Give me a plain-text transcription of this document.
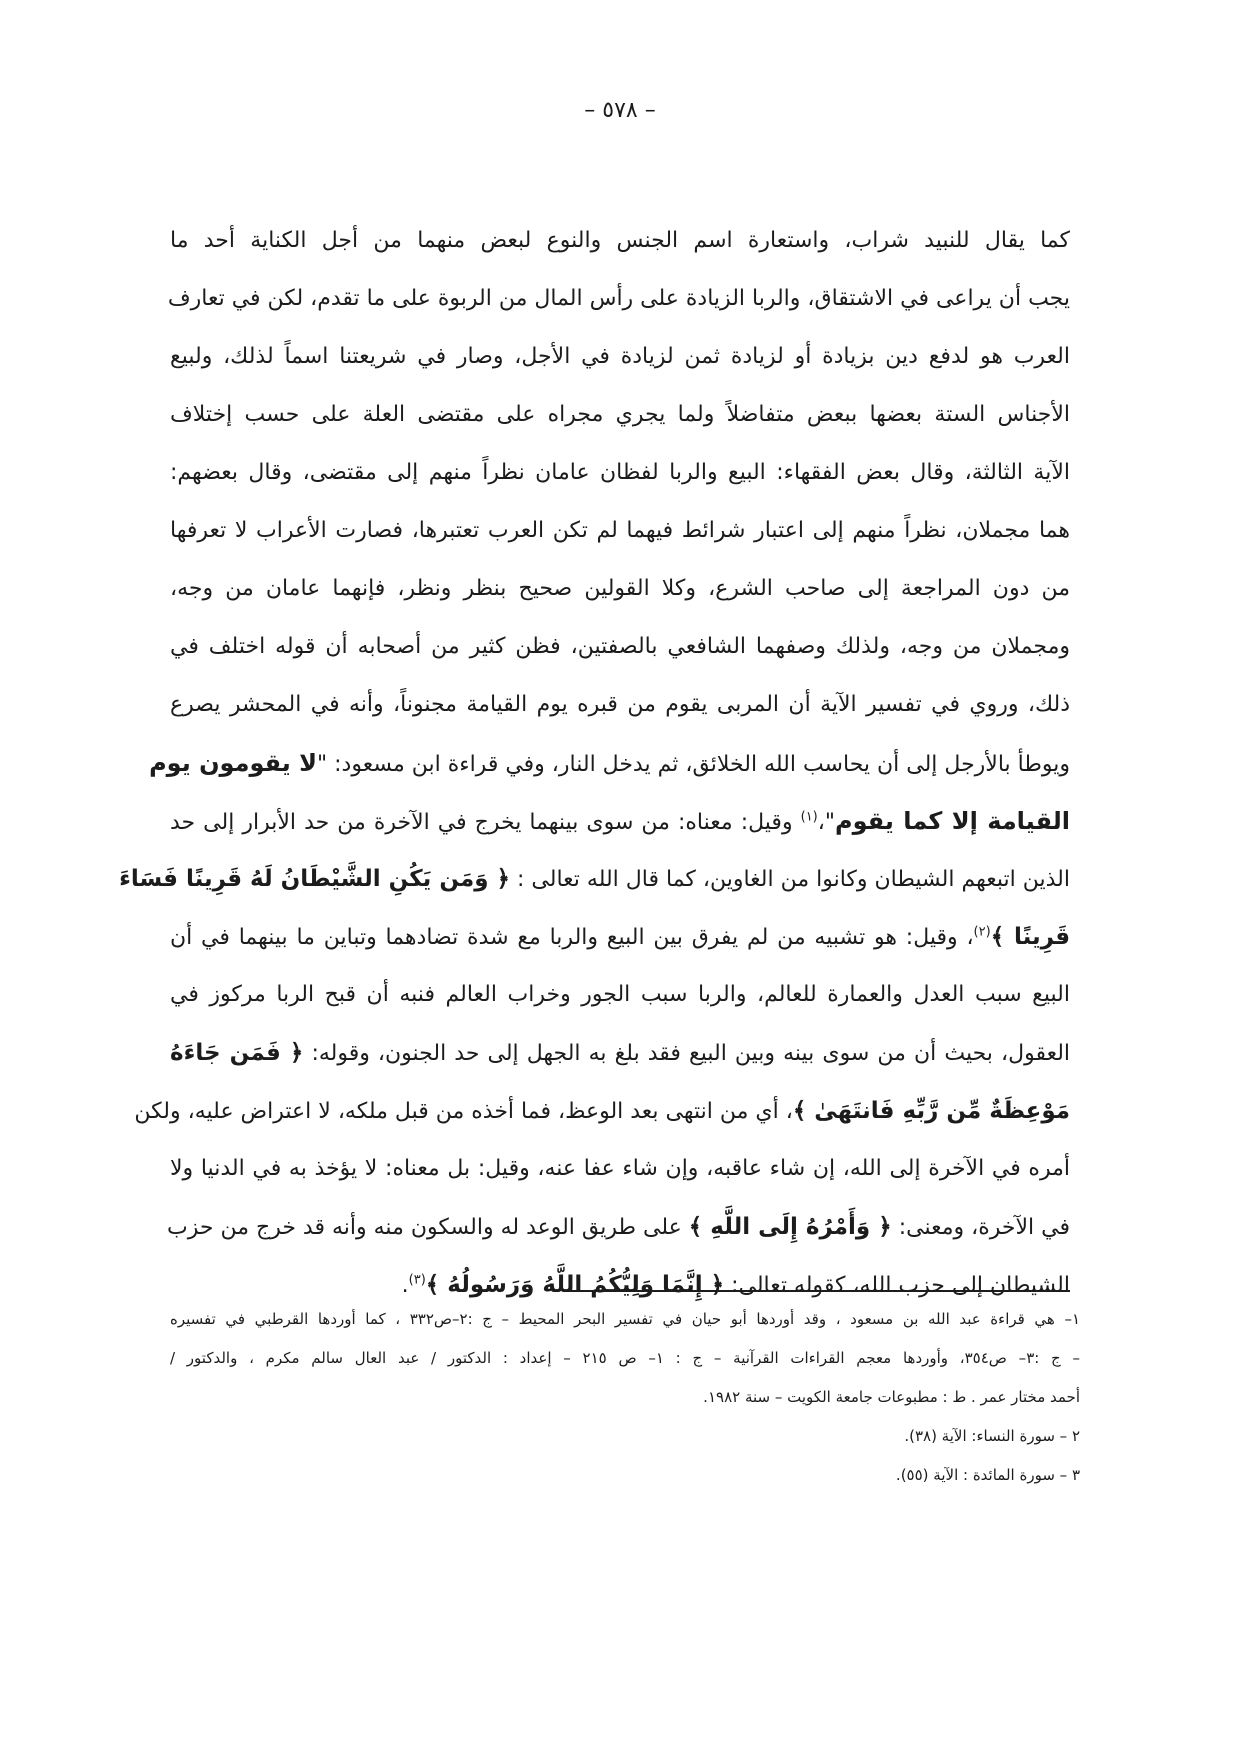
– ٥٧٨ –
كما يقال للنبيد شراب، واستعارة اسم الجنس والنوع لبعض منهما من أجل الكناية أحد ما
يجب أن يراعى في الاشتقاق، والربا الزيادة على رأس المال من الربوة على ما تقدم، لكن في تعارف
العرب هو لدفع دين بزيادة أو لزيادة ثمن لزيادة في الأجل، وصار في شريعتنا اسماً لذلك، ولبيع
الأجناس الستة بعضها ببعض متفاضلاً ولما يجري مجراه على مقتضى العلة على حسب إختلاف
الآية الثالثة، وقال بعض الفقهاء: البيع والربا لفظان عامان نظراً منهم إلى مقتضى، وقال بعضهم:
هما مجملان، نظراً منهم إلى اعتبار شرائط فيهما لم تكن العرب تعتبرها، فصارت الأعراب لا تعرفها
من دون المراجعة إلى صاحب الشرع، وكلا القولين صحيح بنظر ونظر، فإنهما عامان من وجه،
ومجملان من وجه، ولذلك وصفهما الشافعي بالصفتين، فظن كثير من أصحابه أن قوله اختلف في
ذلك، وروي في تفسير الآية أن المربى يقوم من قبره يوم القيامة مجنوناً، وأنه في المحشر يصرع
ويوطأ بالأرجل إلى أن يحاسب الله الخلائق، ثم يدخل النار، وفي قراءة ابن مسعود: "لا يقومون يوم
القيامة إلا كما يقوم"،$^{(١)}$ وقيل: معناه: من سوى بينهما يخرج في الآخرة من حد الأبرار إلى حد
الذين اتبعهم الشيطان وكانوا من الغاوين، كما قال الله تعالى : ﴿ وَمَن يَكُنِ الشَّيْطَانُ لَهُ قَرِينًا فَسَاءَ
قَرِينًا ﴾$^{(٢)}$، وقيل: هو تشبيه من لم يفرق بين البيع والربا مع شدة تضادهما وتباين ما بينهما في أن
البيع سبب العدل والعمارة للعالم، والربا سبب الجور وخراب العالم فنبه أن قبح الربا مركوز في
العقول، بحيث أن من سوى بينه وبين البيع فقد بلغ به الجهل إلى حد الجنون، وقوله: ﴿ فَمَن جَاءَهُ
مَوْعِظَةٌ مِّن رَّبِّهِ فَانتَهَىٰ ﴾، أي من انتهى بعد الوعظ، فما أخذه من قبل ملكه، لا اعتراض عليه، ولكن
أمره في الآخرة إلى الله، إن شاء عاقبه، وإن شاء عفا عنه، وقيل: بل معناه: لا يؤخذ به في الدنيا ولا
في الآخرة، ومعنى: ﴿ وَأَمْرُهُ إِلَى اللَّهِ ﴾ على طريق الوعد له والسكون منه وأنه قد خرج من حزب
الشيطان إلى حزب الله، كقوله تعالى: ﴿ إِنَّمَا وَلِيُّكُمُ اللَّهُ وَرَسُولُهُ ﴾$^{(٣)}$.
١– هي قراءة عبد الله بن مسعود ، وقد أوردها أبو حيان في تفسير البحر المحيط – ج :٢–ص٣٣٢ ، كما أوردها القرطبي في تفسيره
– ج :٣– ص٣٥٤، وأوردها معجم القراءات القرآنية – ج : ١– ص ٢١٥ – إعداد : الدكتور / عبد العال سالم مكرم ، والدكتور /
أحمد مختار عمر . ط : مطبوعات جامعة الكويت – سنة ١٩٨٢.
٢ – سورة النساء: الآية (٣٨).
٣ – سورة المائدة : الآية (٥٥).
